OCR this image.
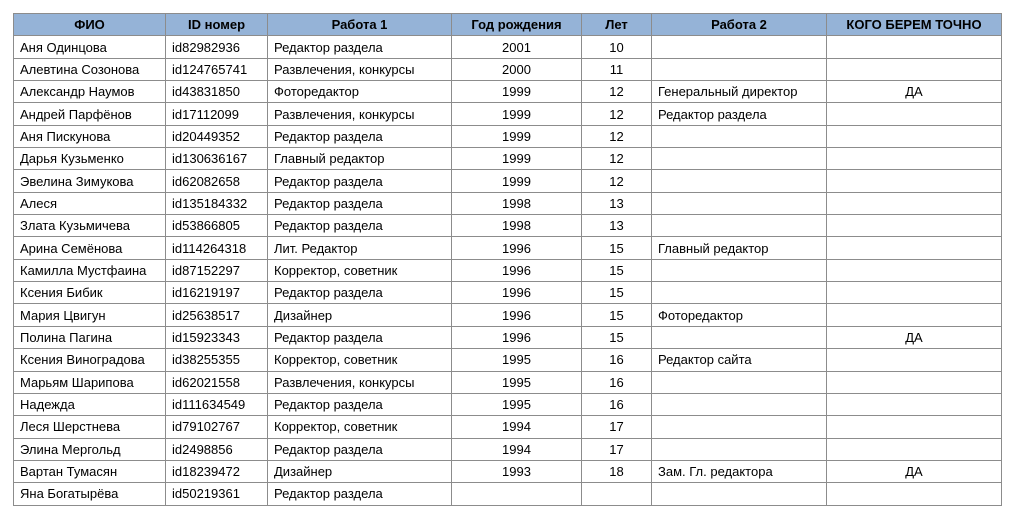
ФИО	ID номер	Работа 1	Год рождения	Лет	Работа 2	КОГО БЕРЕМ ТОЧНО
Аня Одинцова	id82982936	Редактор раздела	2001	10		
Алевтина Созонова	id124765741	Развлечения, конкурсы	2000	11		
Александр Наумов	id43831850	Фоторедактор	1999	12	Генеральный директор	ДА
Андрей Парфёнов	id17112099	Развлечения, конкурсы	1999	12	Редактор раздела	
Аня Пискунова	id20449352	Редактор раздела	1999	12		
Дарья Кузьменко	id130636167	Главный редактор	1999	12		
Эвелина Зимукова	id62082658	Редактор раздела	1999	12		
Алеся	id135184332	Редактор раздела	1998	13		
Злата Кузьмичева	id53866805	Редактор раздела	1998	13		
Арина Семёнова	id114264318	Лит. Редактор	1996	15	Главный редактор	
Камилла Мустфаина	id87152297	Корректор, советник	1996	15		
Ксения Бибик	id16219197	Редактор раздела	1996	15		
Мария Цвигун	id25638517	Дизайнер	1996	15	Фоторедактор	
Полина Пагина	id15923343	Редактор раздела	1996	15		ДА
Ксения Виноградова	id38255355	Корректор, советник	1995	16	Редактор сайта	
Марьям Шарипова	id62021558	Развлечения, конкурсы	1995	16		
Надежда	id111634549	Редактор раздела	1995	16		
Леся Шерстнева	id79102767	Корректор, советник	1994	17		
Элина Мергольд	id2498856	Редактор раздела	1994	17		
Вартан Тумасян	id18239472	Дизайнер	1993	18	Зам. Гл. редактора	ДА
Яна Богатырёва	id50219361	Редактор раздела				
